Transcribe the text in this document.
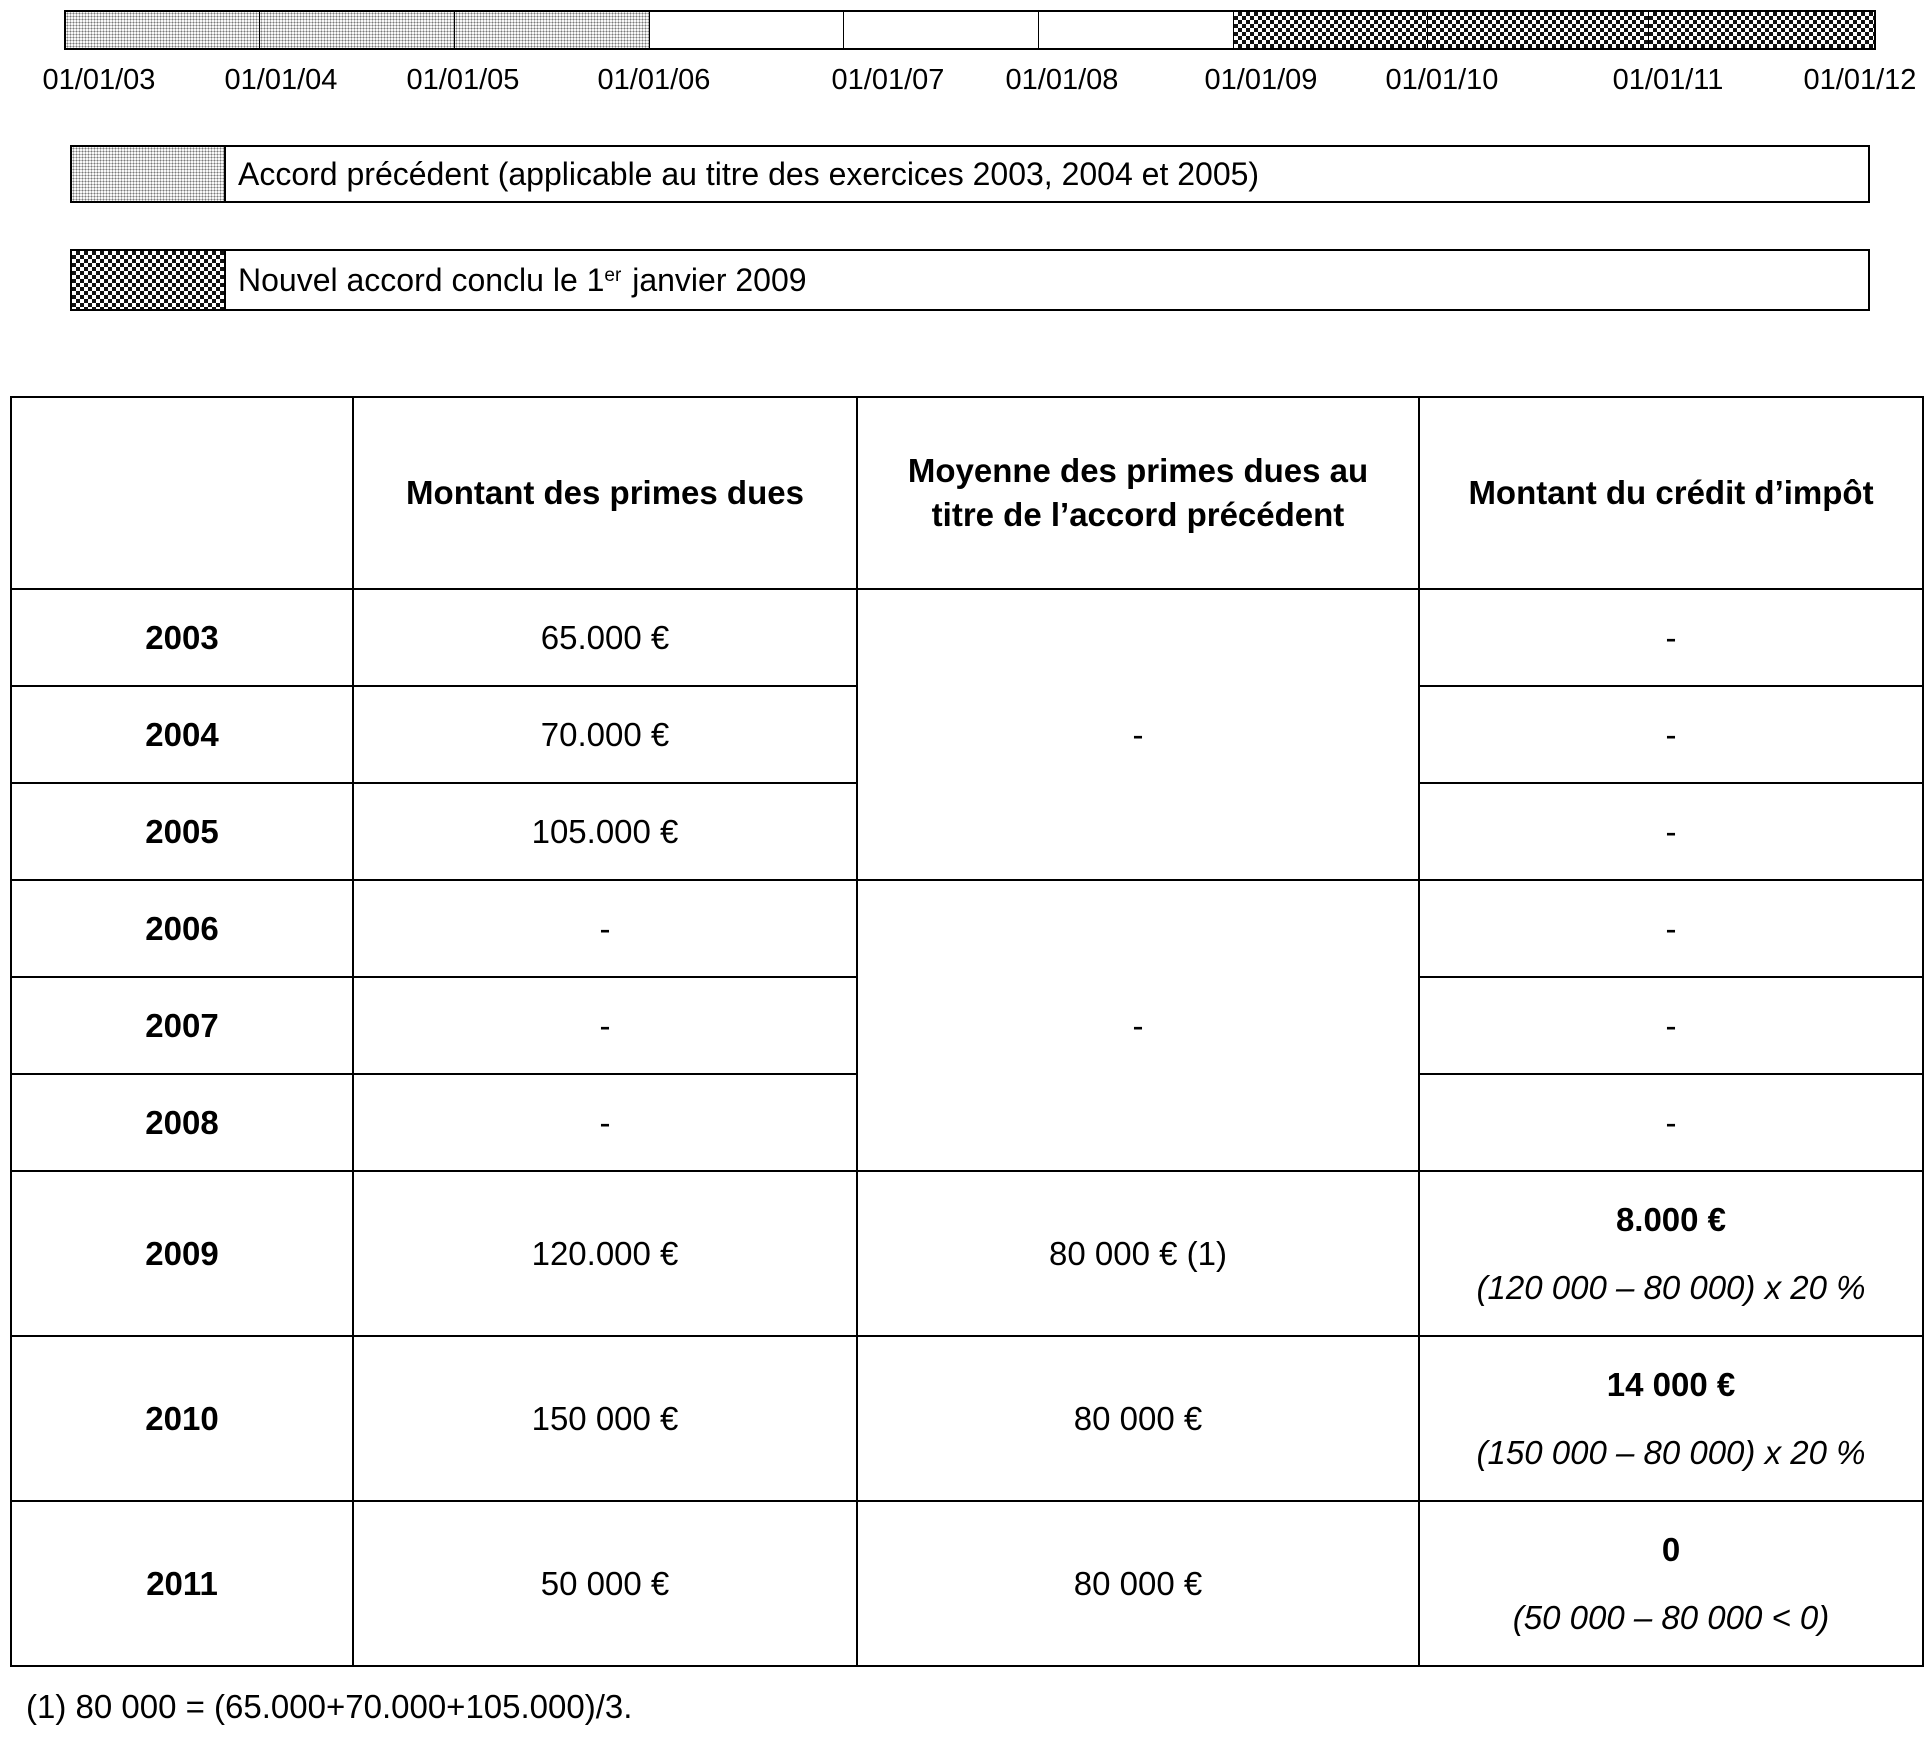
01/01/03 01/01/04 01/01/05	01/01/06	01/01/07 01/01/08	01/01/09 01/01/10	01/01/11	01/01/12
Accord précédent (applicable au titre des exercices 2003, 2004 et 2005)
Nouvel accord conclu le 1er janvier 2009
	Montant des primes dues	Moyenne des primes dues au titre de l’accord précédent	Montant du crédit d’impôt
2003	65.000 €	-	-
2004	70.000 €		-
2005	105.000 €		-
2006	-	-	-
2007	-		-
2008	-		-
2009	120.000 €	80 000 € (1)	8.000 €
(120 000 – 80 000) x 20 %

2010	150 000 €	80 000 €	14 000 €
(150 000 – 80 000) x 20 %

2011	50 000 €	80 000 €	0
(50 000 – 80 000 < 0)
(1) 80 000 = (65.000+70.000+105.000)/3.
